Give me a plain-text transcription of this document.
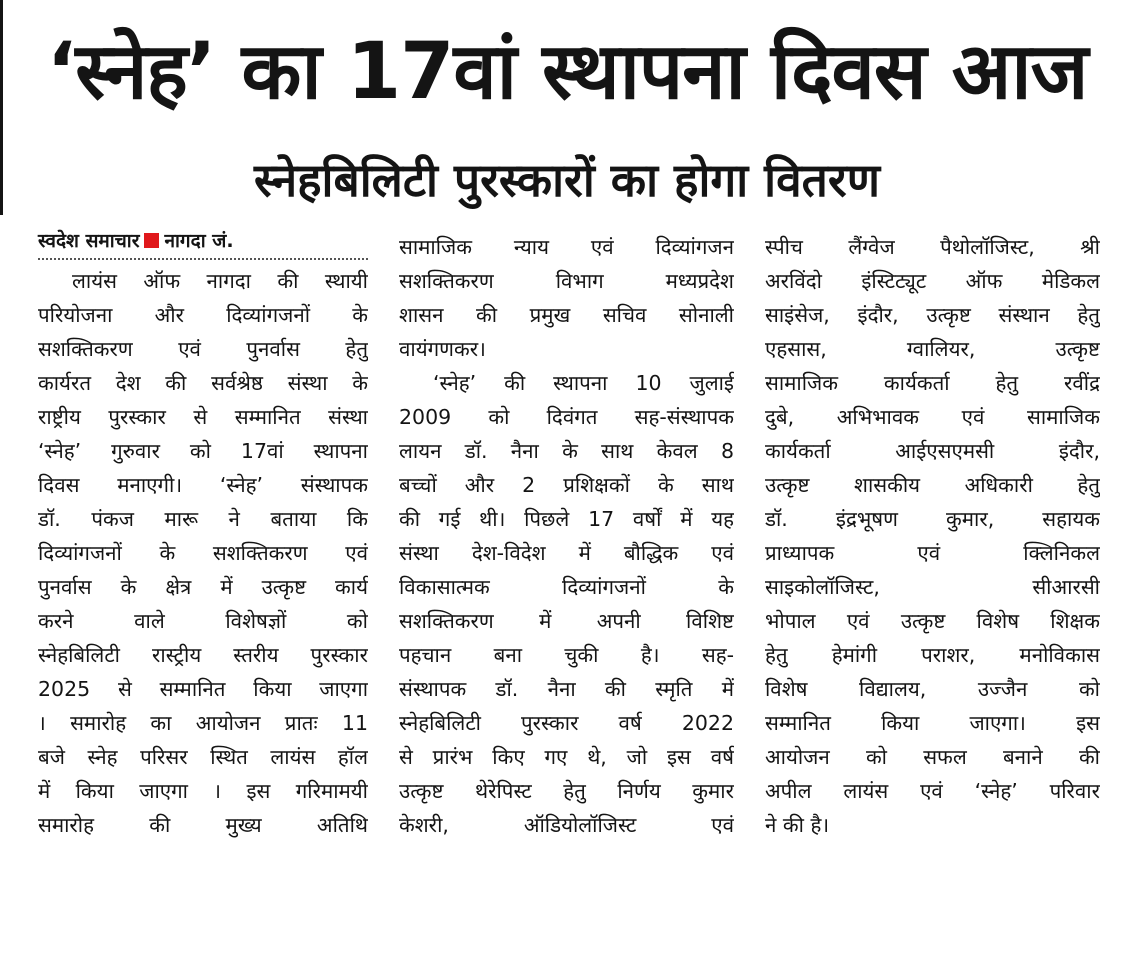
‘स्नेह’ का 17वां स्थापना दिवस आज
स्नेहबिलिटी पुरस्कारों का होगा वितरण
स्वदेश समाचार नागदा जं.
लायंस ऑफ नागदा की स्थायी
परियोजना और दिव्यांगजनों के
सशक्तिकरण एवं पुनर्वास हेतु
कार्यरत देश की सर्वश्रेष्ठ संस्था के
राष्ट्रीय पुरस्कार से सम्मानित संस्था
‘स्नेह’ गुरुवार को 17वां स्थापना
दिवस मनाएगी। ‘स्नेह’ संस्थापक
डॉ. पंकज मारू ने बताया कि
दिव्यांगजनों के सशक्तिकरण एवं
पुनर्वास के क्षेत्र में उत्कृष्ट कार्य
करने वाले विशेषज्ञों को
स्नेहबिलिटी रास्ट्रीय स्तरीय पुरस्कार
2025 से सम्मानित किया जाएगा
। समारोह का आयोजन प्रातः 11
बजे स्नेह परिसर स्थित लायंस हॉल
में किया जाएगा । इस गरिमामयी
समारोह की मुख्य अतिथि
सामाजिक न्याय एवं दिव्यांगजन
सशक्तिकरण विभाग मध्यप्रदेश
शासन की प्रमुख सचिव सोनाली
वायंगणकर।
‘स्नेह’ की स्थापना 10 जुलाई
2009 को दिवंगत सह-संस्थापक
लायन डॉ. नैना के साथ केवल 8
बच्चों और 2 प्रशिक्षकों के साथ
की गई थी। पिछले 17 वर्षों में यह
संस्था देश-विदेश में बौद्धिक एवं
विकासात्मक दिव्यांगजनों के
सशक्तिकरण में अपनी विशिष्ट
पहचान बना चुकी है। सह-
संस्थापक डॉ. नैना की स्मृति में
स्नेहबिलिटी पुरस्कार वर्ष 2022
से प्रारंभ किए गए थे, जो इस वर्ष
उत्कृष्ट थेरेपिस्ट हेतु निर्णय कुमार
केशरी, ऑडियोलॉजिस्ट एवं
स्पीच लैंग्वेज पैथोलॉजिस्ट, श्री
अरविंदो इंस्टिट्यूट ऑफ मेडिकल
साइंसेज, इंदौर, उत्कृष्ट संस्थान हेतु
एहसास, ग्वालियर, उत्कृष्ट
सामाजिक कार्यकर्ता हेतु रवींद्र
दुबे, अभिभावक एवं सामाजिक
कार्यकर्ता आईएसएमसी इंदौर,
उत्कृष्ट शासकीय अधिकारी हेतु
डॉ. इंद्रभूषण कुमार, सहायक
प्राध्यापक एवं क्लिनिकल
साइकोलॉजिस्ट, सीआरसी
भोपाल एवं उत्कृष्ट विशेष शिक्षक
हेतु हेमांगी पराशर, मनोविकास
विशेष विद्यालय, उज्जैन को
सम्मानित किया जाएगा। इस
आयोजन को सफल बनाने की
अपील लायंस एवं ‘स्नेह’ परिवार
ने की है।
